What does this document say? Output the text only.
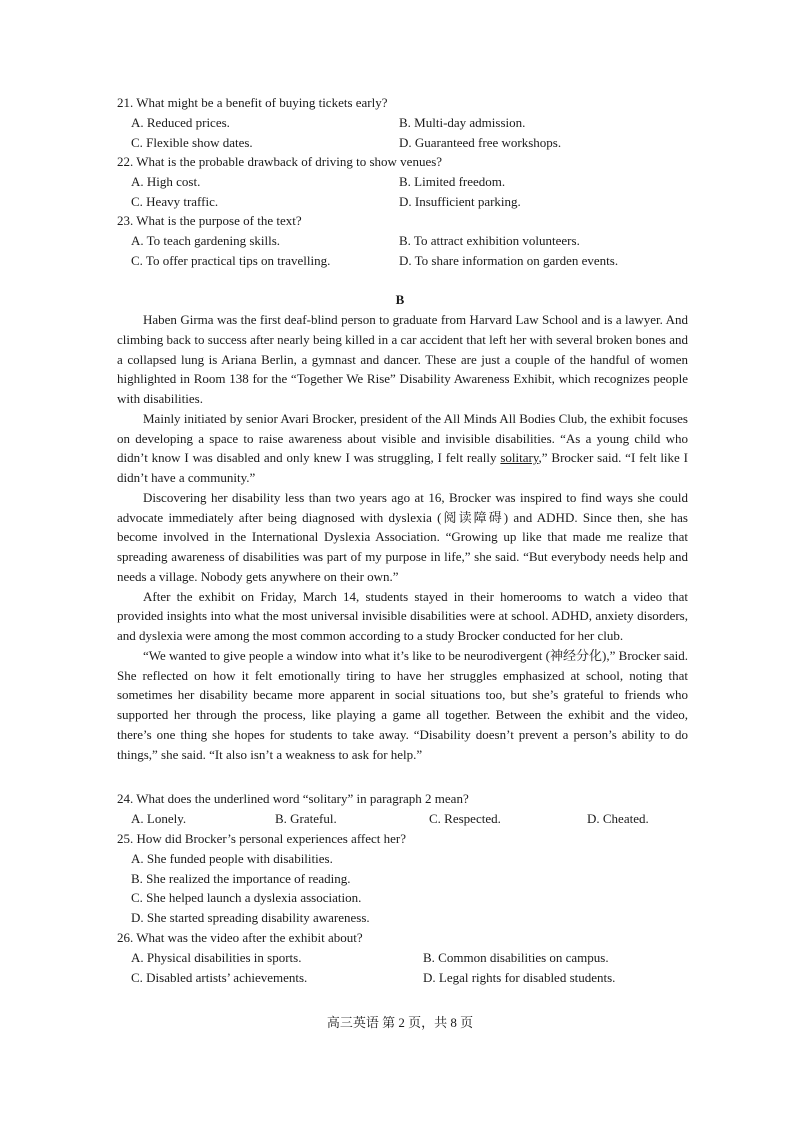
21. What might be a benefit of buying tickets early?
A. Reduced prices.	B. Multi-day admission.
C. Flexible show dates.	D. Guaranteed free workshops.
22. What is the probable drawback of driving to show venues?
A. High cost.	B. Limited freedom.
C. Heavy traffic.	D. Insufficient parking.
23. What is the purpose of the text?
A. To teach gardening skills.	B. To attract exhibition volunteers.
C. To offer practical tips on travelling.	D. To share information on garden events.
B

Haben Girma was the first deaf-blind person to graduate from Harvard Law School and is a lawyer. And climbing back to success after nearly being killed in a car accident that left her with several broken bones and a collapsed lung is Ariana Berlin, a gymnast and dancer. These are just a couple of the handful of women highlighted in Room 138 for the “Together We Rise” Disability Awareness Exhibit, which recognizes people with disabilities.

Mainly initiated by senior Avari Brocker, president of the All Minds All Bodies Club, the exhibit focuses on developing a space to raise awareness about visible and invisible disabilities. “As a young child who didn’t know I was disabled and only knew I was struggling, I felt really solitary,” Brocker said. “I felt like I didn’t have a community.”

Discovering her disability less than two years ago at 16, Brocker was inspired to find ways she could advocate immediately after being diagnosed with dyslexia (阅读障碍) and ADHD. Since then, she has become involved in the International Dyslexia Association. “Growing up like that made me realize that spreading awareness of disabilities was part of my purpose in life,” she said. “But everybody needs help and needs a village. Nobody gets anywhere on their own.”

After the exhibit on Friday, March 14, students stayed in their homerooms to watch a video that provided insights into what the most universal invisible disabilities were at school. ADHD, anxiety disorders, and dyslexia were among the most common according to a study Brocker conducted for her club.

“We wanted to give people a window into what it’s like to be neurodivergent (神经分化),” Brocker said. She reflected on how it felt emotionally tiring to have her struggles emphasized at school, noting that sometimes her disability became more apparent in social situations too, but she’s grateful to friends who supported her through the process, like playing a game all together. Between the exhibit and the video, there’s one thing she hopes for students to take away. “Disability doesn’t prevent a person’s ability to do things,” she said. “It also isn’t a weakness to ask for help.”

24. What does the underlined word “solitary” in paragraph 2 mean?
A. Lonely.	B. Grateful.	C. Respected.	D. Cheated.
25. How did Brocker’s personal experiences affect her?
A. She funded people with disabilities.
B. She realized the importance of reading.
C. She helped launch a dyslexia association.
D. She started spreading disability awareness.
26. What was the video after the exhibit about?
A. Physical disabilities in sports.	B. Common disabilities on campus.
C. Disabled artists’ achievements.	D. Legal rights for disabled students.
高三英语 第 2 页，共 8 页
